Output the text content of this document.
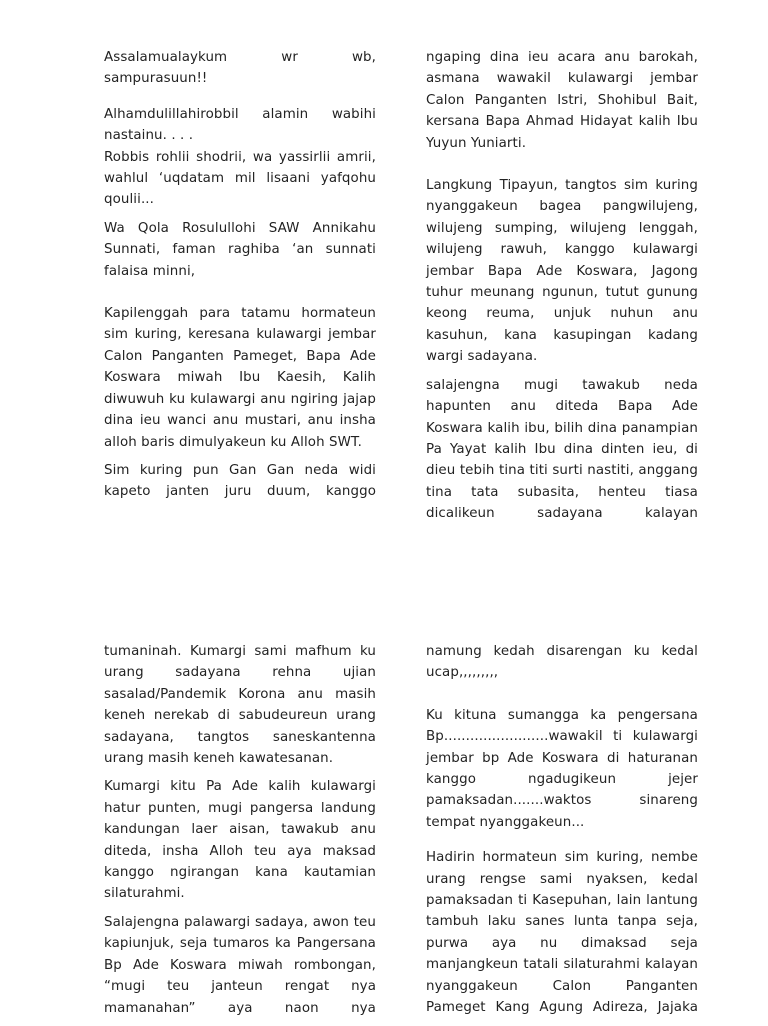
Assalamualaykum wr wb, sampurasuun!!

Alhamdulillahirobbil alamin wabihi nastainu. . . .

Robbis rohlii shodrii, wa yassirlii amrii, wahlul ‘uqdatam mil lisaani yafqohu qoulii...

Wa Qola Rosulullohi SAW Annikahu Sunnati, faman raghiba ‘an sunnati falaisa minni,

Kapilenggah para tatamu hormateun sim kuring, keresana kulawargi jembar Calon Panganten Pameget, Bapa Ade Koswara miwah Ibu Kaesih, Kalih diwuwuh ku kulawargi anu ngiring jajap dina ieu wanci anu mustari, anu insha alloh baris dimulyakeun ku Alloh SWT.

Sim kuring pun Gan Gan neda widi kapeto janten juru duum, kanggo

ngaping dina ieu acara anu barokah, asmana wawakil kulawargi jembar Calon Panganten Istri, Shohibul Bait, kersana Bapa Ahmad Hidayat kalih Ibu Yuyun Yuniarti.

Langkung Tipayun, tangtos sim kuring nyanggakeun bagea pangwilujeng, wilujeng sumping, wilujeng lenggah, wilujeng rawuh, kanggo kulawargi jembar Bapa Ade Koswara, Jagong tuhur meunang ngunun, tutut gunung keong reuma, unjuk nuhun anu kasuhun, kana kasupingan kadang wargi sadayana.

salajengna mugi tawakub neda hapunten anu diteda Bapa Ade Koswara kalih ibu, bilih dina panampian Pa Yayat kalih Ibu dina dinten ieu, di dieu tebih tina titi surti nastiti, anggang tina tata subasita, henteu tiasa dicalikeun sadayana kalayan

tumaninah. Kumargi sami mafhum ku urang sadayana rehna ujian sasalad/Pandemik Korona anu masih keneh nerekab di sabudeureun urang sadayana, tangtos saneskantenna urang masih keneh kawatesanan.

Kumargi kitu Pa Ade kalih kulawargi hatur punten, mugi pangersa landung kandungan laer aisan, tawakub anu diteda, insha Alloh teu aya maksad kanggo ngirangan kana kautamian silaturahmi.

Salajengna palawargi sadaya, awon teu kapiunjuk, seja tumaros ka Pangersana Bp Ade Koswara miwah rombongan, “mugi teu janteun rengat nya mamanahan” aya naon nya

namung kedah disarengan ku kedal ucap,,,,,,,,,

Ku kituna sumangga ka pengersana Bp........................wawakil ti kulawargi jembar bp Ade Koswara di haturanan kanggo ngadugikeun jejer pamaksadan.......waktos sinareng tempat nyanggakeun...

Hadirin hormateun sim kuring, nembe urang rengse sami nyaksen, kedal pamaksadan ti Kasepuhan, lain lantung tambuh laku sanes lunta tanpa seja, purwa aya nu dimaksad seja manjangkeun tatali silaturahmi kalayan nyanggakeun Calon Panganten Pameget Kang Agung Adireza, Jajaka
